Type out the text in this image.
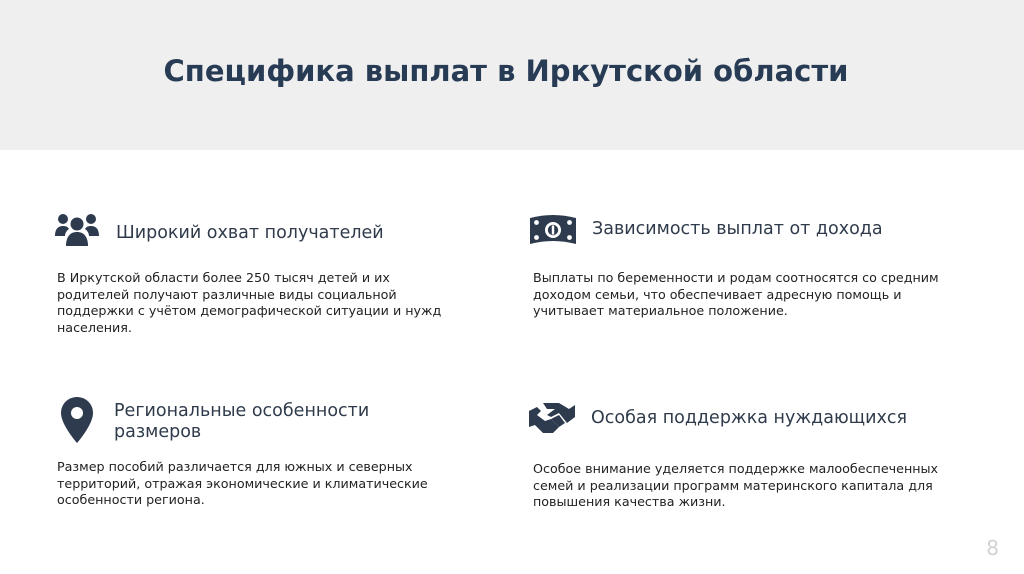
Специфика выплат в Иркутской области
Широкий охват получателей

В Иркутской области более 250 тысяч детей и их родителей получают различные виды социальной поддержки с учётом демографической ситуации и нужд населения.

Зависимость выплат от дохода

Выплаты по беременности и родам соотносятся со средним доходом семьи, что обеспечивает адресную помощь и учитывает материальное положение.

Региональные особенности размеров

Размер пособий различается для южных и северных территорий, отражая экономические и климатические особенности региона.

Особая поддержка нуждающихся

Особое внимание уделяется поддержке малообеспеченных семей и реализации программ материнского капитала для повышения качества жизни.

8
